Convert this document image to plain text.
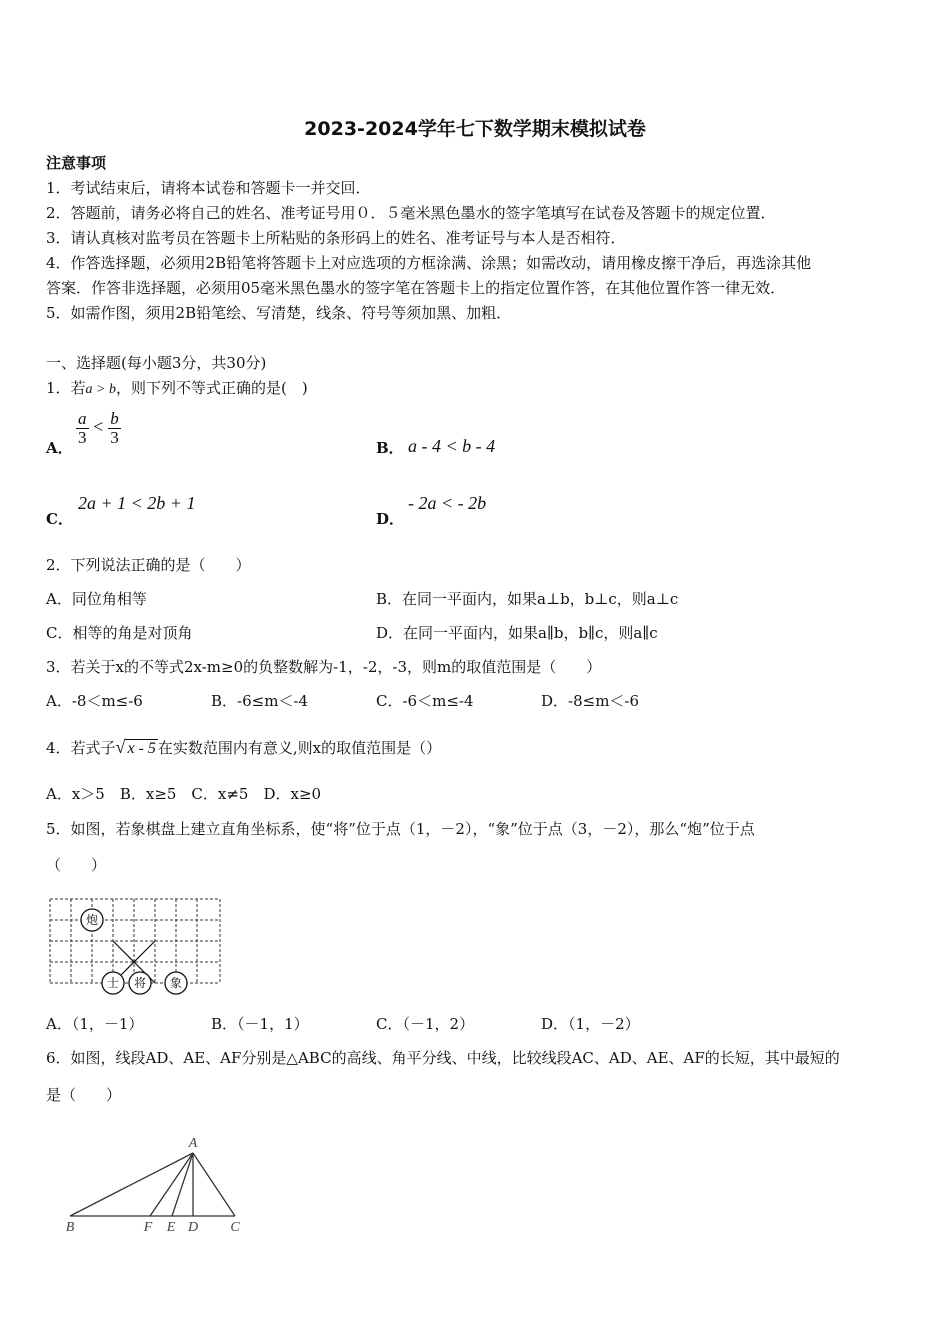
2023-2024学年七下数学期末模拟试卷
注意事项
1．考试结束后，请将本试卷和答题卡一并交回．
2．答题前，请务必将自己的姓名、准考证号用０．５毫米黑色墨水的签字笔填写在试卷及答题卡的规定位置．
3．请认真核对监考员在答题卡上所粘贴的条形码上的姓名、准考证号与本人是否相符．
4．作答选择题，必须用2B铅笔将答题卡上对应选项的方框涂满、涂黑；如需改动，请用橡皮擦干净后，再选涂其他
答案．作答非选择题，必须用05毫米黑色墨水的签字笔在答题卡上的指定位置作答，在其他位置作答一律无效．
5．如需作图，须用2B铅笔绘、写清楚，线条、符号等须加黑、加粗．
一、选择题(每小题3分，共30分)
1．若a > b，则下列不等式正确的是(　)
A．
$\frac{a}{3} < \frac{b}{3}$
B． a - 4 < b - 4
C．
2a + 1 < 2b + 1
D．
- 2a < - 2b
2．下列说法正确的是（　　）
A．同位角相等	B．在同一平面内，如果a⊥b，b⊥c，则a⊥c
C．相等的角是对顶角	D．在同一平面内，如果a∥b，b∥c，则a∥c
3．若关于x的不等式2x-m≥0的负整数解为-1，-2，-3，则m的取值范围是（　　）
A．-8＜m≤-6	B．-6≤m＜-4	C．-6＜m≤-4	D．-8≤m＜-6
4．若式子√ x - 5 在实数范围内有意义,则x的取值范围是（）
A．x＞5　B．x≥5　C．x≠5　D．x≥0
5．如图，若象棋盘上建立直角坐标系，使“将”位于点（1，－2），“象”位于点（3，－2），那么“炮”位于点
（　　）
炮
士 将 象
A．（1，－1）	B．（－1，1）	C．（－1，2）	D．（1，－2）
6．如图，线段AD、AE、AF分别是△ABC的高线、角平分线、中线，比较线段AC、AD、AE、AF的长短，其中最短的
是（　　）
A
B	F E D C
